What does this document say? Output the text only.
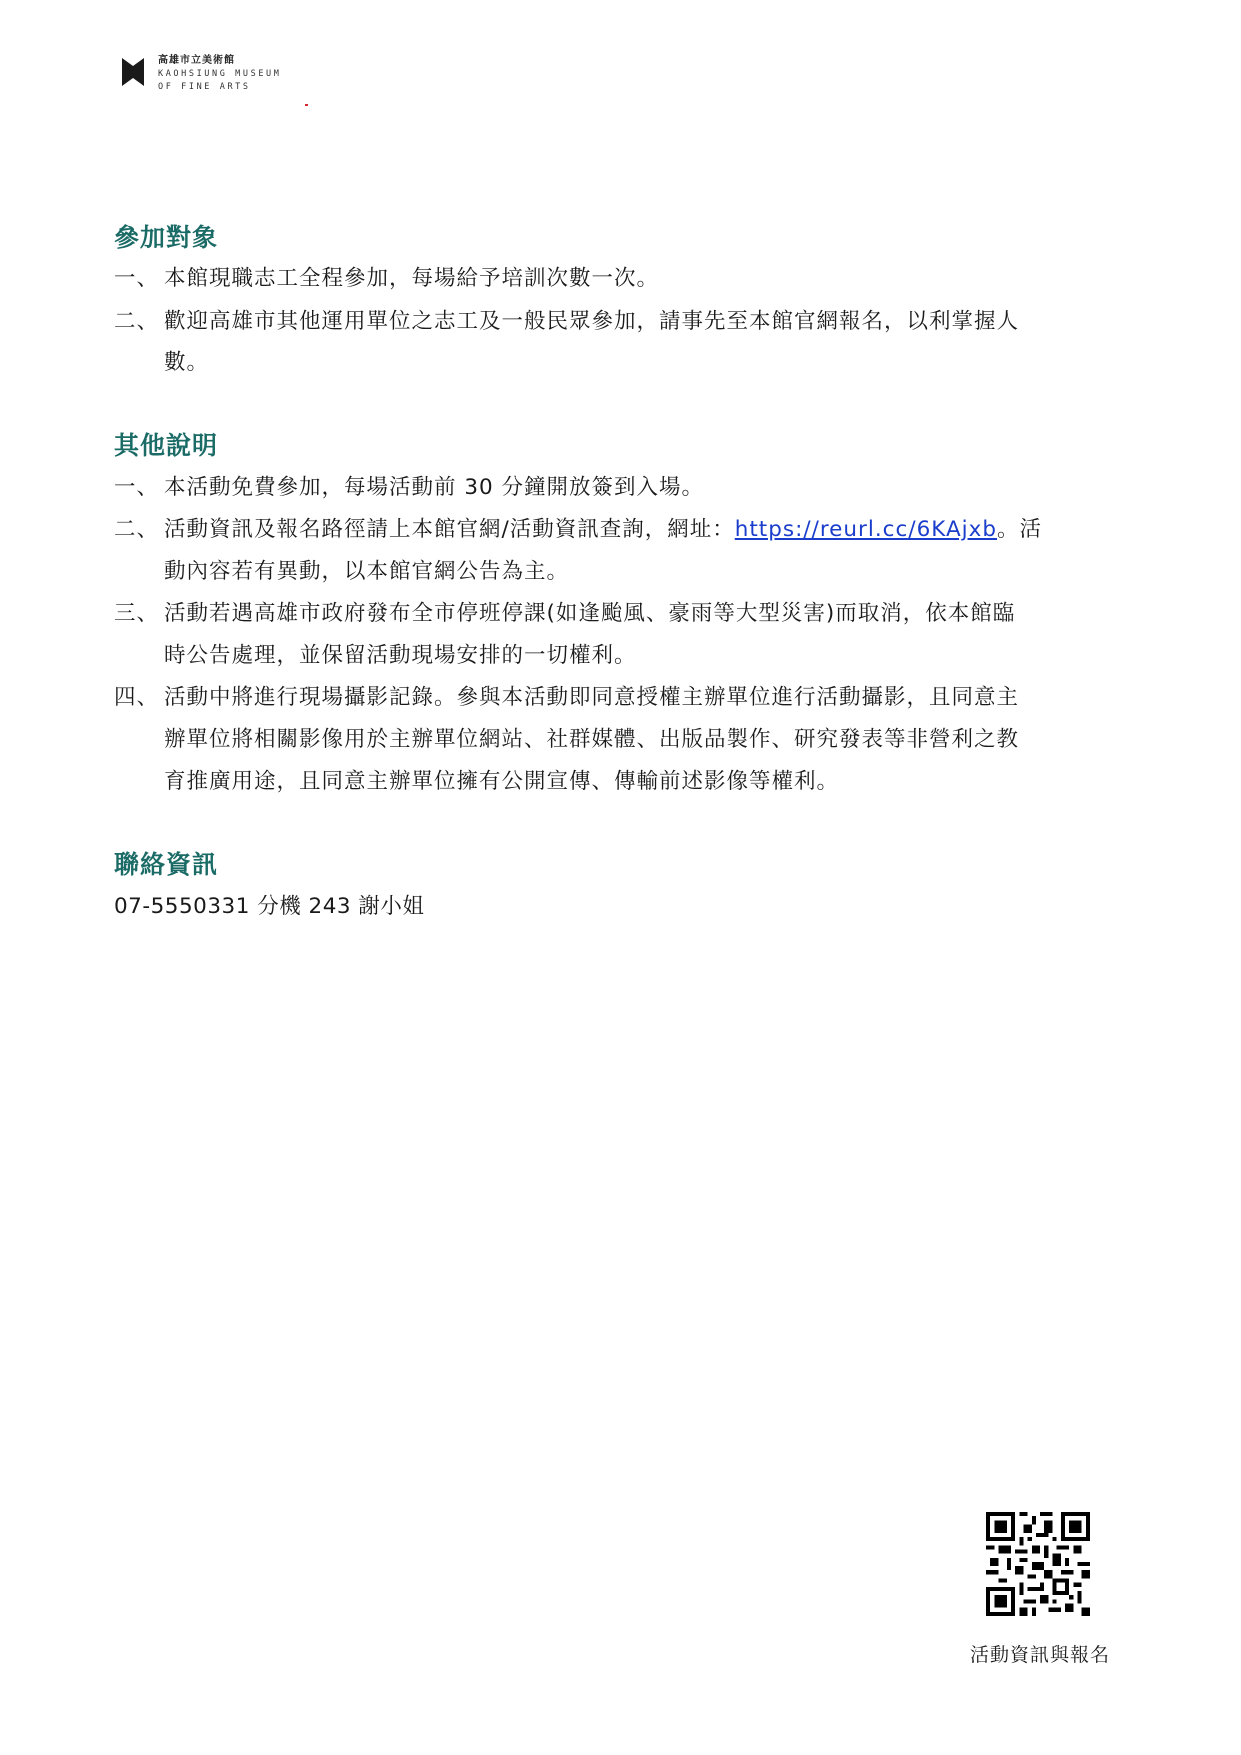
高雄市立美術館
KAOHSIUNG MUSEUM
OF FINE ARTS
參加對象
一、 本館現職志工全程參加，每場給予培訓次數一次。
二、 歡迎高雄市其他運用單位之志工及一般民眾參加，請事先至本館官網報名，以利掌握人
數。
其他說明
一、 本活動免費參加，每場活動前 30 分鐘開放簽到入場。
二、 活動資訊及報名路徑請上本館官網/活動資訊查詢，網址：https://reurl.cc/6KAjxb。活
動內容若有異動，以本館官網公告為主。
三、 活動若遇高雄市政府發布全市停班停課(如逢颱風、豪雨等大型災害)而取消，依本館臨
時公告處理，並保留活動現場安排的一切權利。
四、 活動中將進行現場攝影記錄。參與本活動即同意授權主辦單位進行活動攝影，且同意主
辦單位將相關影像用於主辦單位網站、社群媒體、出版品製作、研究發表等非營利之教
育推廣用途，且同意主辦單位擁有公開宣傳、傳輸前述影像等權利。
聯絡資訊
07-5550331 分機 243 謝小姐
活動資訊與報名
